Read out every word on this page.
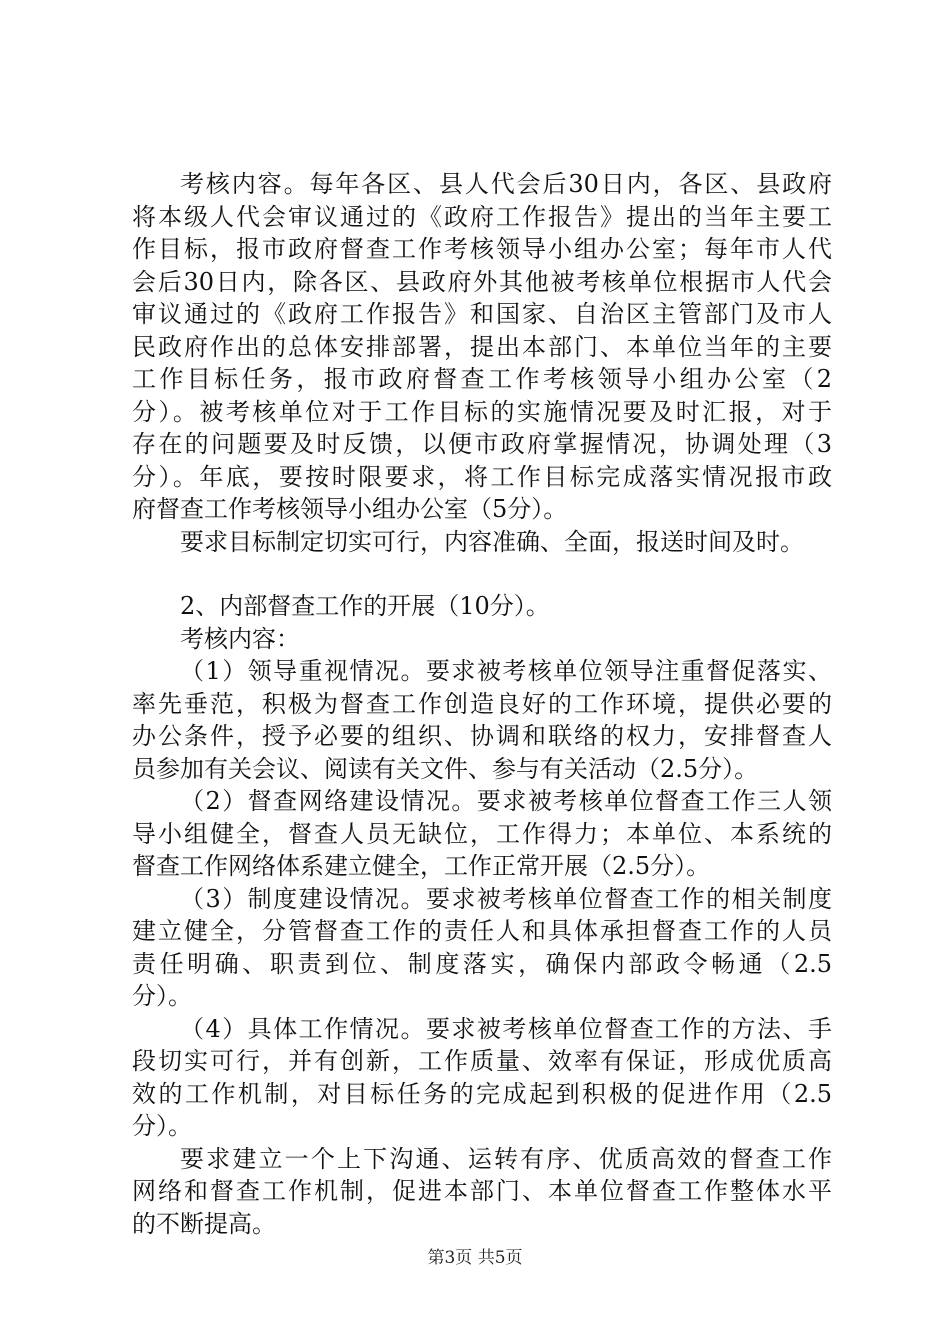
考核内容。每年各区、县人代会后30日内，各区、县政府
将本级人代会审议通过的《政府工作报告》提出的当年主要工
作目标，报市政府督查工作考核领导小组办公室；每年市人代
会后30日内，除各区、县政府外其他被考核单位根据市人代会
审议通过的《政府工作报告》和国家、自治区主管部门及市人
民政府作出的总体安排部署，提出本部门、本单位当年的主要
工作目标任务，报市政府督查工作考核领导小组办公室（2
分）。被考核单位对于工作目标的实施情况要及时汇报，对于
存在的问题要及时反馈，以便市政府掌握情况，协调处理（3
分）。年底，要按时限要求，将工作目标完成落实情况报市政
府督查工作考核领导小组办公室（5分）。

要求目标制定切实可行，内容准确、全面，报送时间及时。

2、内部督查工作的开展（10分）。

考核内容：

（1）领导重视情况。要求被考核单位领导注重督促落实、
率先垂范，积极为督查工作创造良好的工作环境，提供必要的
办公条件，授予必要的组织、协调和联络的权力，安排督查人
员参加有关会议、阅读有关文件、参与有关活动（2.5分）。

（2）督查网络建设情况。要求被考核单位督查工作三人领
导小组健全，督查人员无缺位，工作得力；本单位、本系统的
督查工作网络体系建立健全，工作正常开展（2.5分）。

（3）制度建设情况。要求被考核单位督查工作的相关制度
建立健全，分管督查工作的责任人和具体承担督查工作的人员
责任明确、职责到位、制度落实，确保内部政令畅通（2.5
分）。

（4）具体工作情况。要求被考核单位督查工作的方法、手
段切实可行，并有创新，工作质量、效率有保证，形成优质高
效的工作机制，对目标任务的完成起到积极的促进作用（2.5
分）。

要求建立一个上下沟通、运转有序、优质高效的督查工作
网络和督查工作机制，促进本部门、本单位督查工作整体水平
的不断提高。

第3页 共5页
